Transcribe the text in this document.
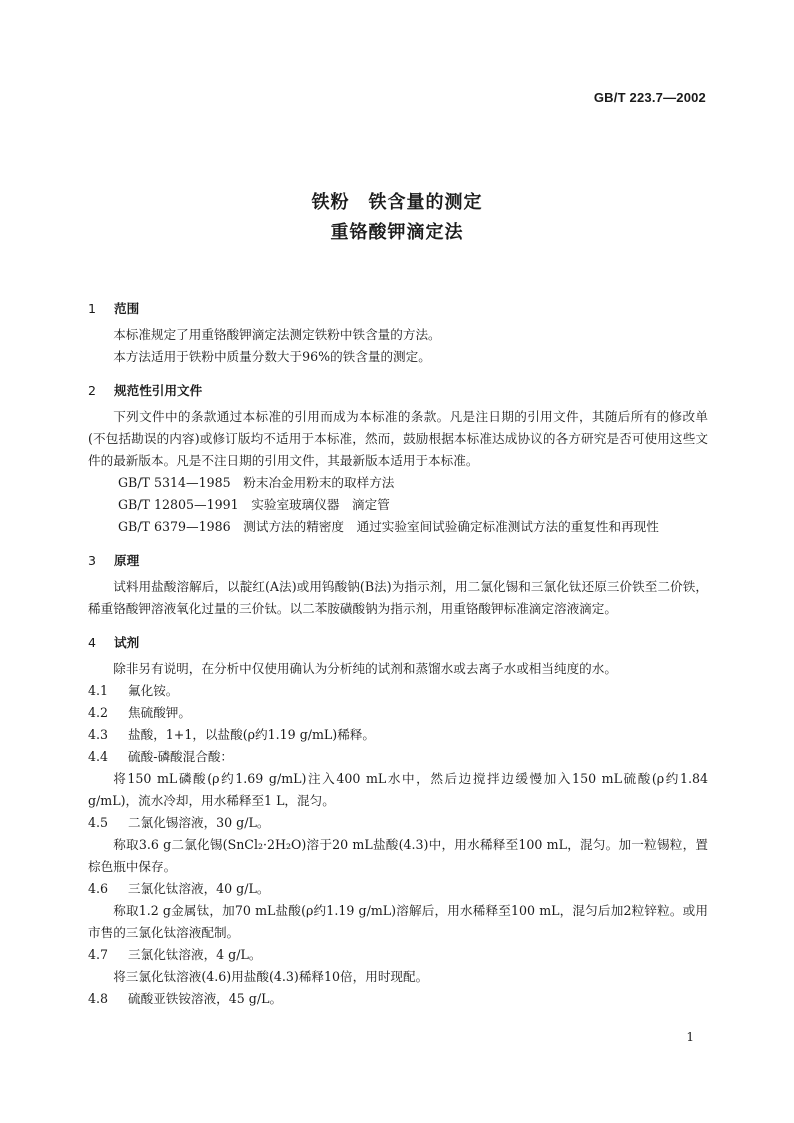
GB/T 223.7—2002
铁粉　铁含量的测定
重铬酸钾滴定法
1 范围

本标准规定了用重铬酸钾滴定法测定铁粉中铁含量的方法。

本方法适用于铁粉中质量分数大于96%的铁含量的测定。

2 规范性引用文件

下列文件中的条款通过本标准的引用而成为本标准的条款。凡是注日期的引用文件，其随后所有的修改单(不包括勘误的内容)或修订版均不适用于本标准，然而，鼓励根据本标准达成协议的各方研究是否可使用这些文件的最新版本。凡是不注日期的引用文件，其最新版本适用于本标准。

GB/T 5314—1985　 粉末冶金用粉末的取样方法

GB/T 12805—1991　 实验室玻璃仪器　滴定管

GB/T 6379—1986　 测试方法的精密度　通过实验室间试验确定标准测试方法的重复性和再现性

3 原理

试料用盐酸溶解后，以靛红(A法)或用钨酸钠(B法)为指示剂，用二氯化锡和三氯化钛还原三价铁至二价铁，稀重铬酸钾溶液氧化过量的三价钛。以二苯胺磺酸钠为指示剂，用重铬酸钾标准滴定溶液滴定。

4 试剂

除非另有说明，在分析中仅使用确认为分析纯的试剂和蒸馏水或去离子水或相当纯度的水。

4.1 氟化铵。

4.2 焦硫酸钾。

4.3 盐酸，1+1，以盐酸(ρ约1.19 g/mL)稀释。

4.4 硫酸-磷酸混合酸：

将150 mL磷酸(ρ约1.69 g/mL)注入400 mL水中，然后边搅拌边缓慢加入150 mL硫酸(ρ约1.84 g/mL)，流水冷却，用水稀释至1 L，混匀。

4.5 二氯化锡溶液，30 g/L。

称取3.6 g二氯化锡(SnCl₂·2H₂O)溶于20 mL盐酸(4.3)中，用水稀释至100 mL，混匀。加一粒锡粒，置棕色瓶中保存。

4.6 三氯化钛溶液，40 g/L。

称取1.2 g金属钛，加70 mL盐酸(ρ约1.19 g/mL)溶解后，用水稀释至100 mL，混匀后加2粒锌粒。或用市售的三氯化钛溶液配制。

4.7 三氯化钛溶液，4 g/L。

将三氯化钛溶液(4.6)用盐酸(4.3)稀释10倍，用时现配。

4.8 硫酸亚铁铵溶液，45 g/L。

1
